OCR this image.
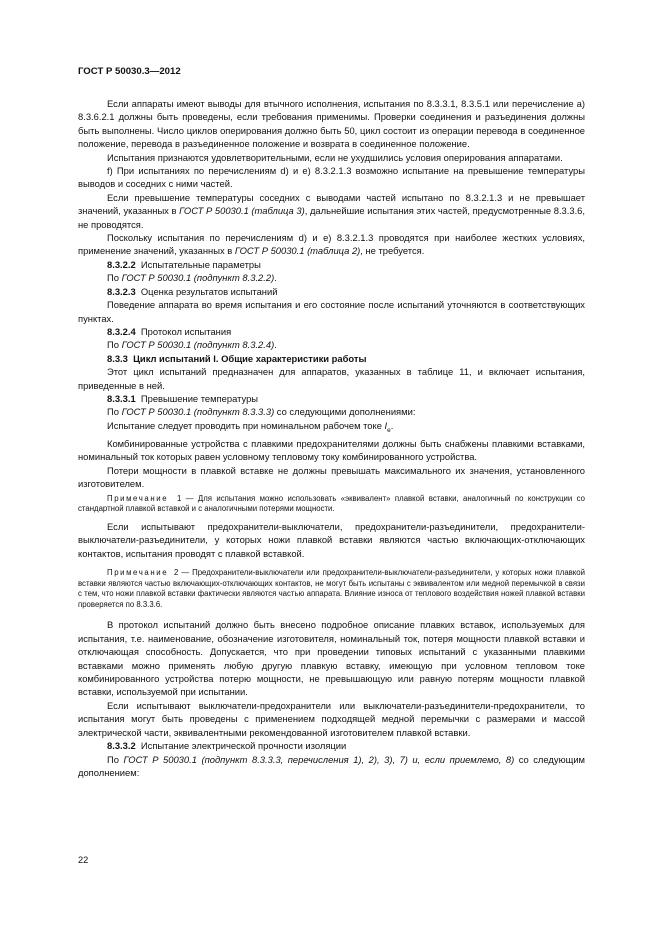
ГОСТ Р 50030.3—2012

Если аппараты имеют выводы для втычного исполнения, испытания по 8.3.3.1, 8.3.5.1 или перечисление а) 8.3.6.2.1 должны быть проведены, если требования применимы. Проверки соединения и разъединения должны быть выполнены. Число циклов оперирования должно быть 50, цикл состоит из операции перевода в соединенное положение, перевода в разъединенное положение и возврата в соединенное положение.

Испытания признаются удовлетворительными, если не ухудшились условия оперирования аппаратами.

f) При испытаниях по перечислениям d) и e) 8.3.2.1.3 возможно испытание на превышение температуры выводов и соседних с ними частей.

Если превышение температуры соседних с выводами частей испытано по 8.3.2.1.3 и не превышает значений, указанных в ГОСТ Р 50030.1 (таблица 3), дальнейшие испытания этих частей, предусмотренные 8.3.3.6, не проводятся.

Поскольку испытания по перечислениям d) и e) 8.3.2.1.3 проводятся при наиболее жестких условиях, применение значений, указанных в ГОСТ Р 50030.1 (таблица 2), не требуется.

8.3.2.2 Испытательные параметры

По ГОСТ Р 50030.1 (подпункт 8.3.2.2).

8.3.2.3 Оценка результатов испытаний

Поведение аппарата во время испытания и его состояние после испытаний уточняются в соответствующих пунктах.

8.3.2.4 Протокол испытания

По ГОСТ Р 50030.1 (подпункт 8.3.2.4).

8.3.3 Цикл испытаний I. Общие характеристики работы

Этот цикл испытаний предназначен для аппаратов, указанных в таблице 11, и включает испытания, приведенные в ней.

8.3.3.1 Превышение температуры

По ГОСТ Р 50030.1 (подпункт 8.3.3.3) со следующими дополнениями:

Испытание следует проводить при номинальном рабочем токе $I_e$.

Комбинированные устройства с плавкими предохранителями должны быть снабжены плавкими вставками, номинальный ток которых равен условному тепловому току комбинированного устройства.

Потери мощности в плавкой вставке не должны превышать максимального их значения, установленного изготовителем.

Примечание 1 — Для испытания можно использовать «эквивалент» плавкой вставки, аналогичный по конструкции со стандартной плавкой вставкой и с аналогичными потерями мощности.

Если испытывают предохранители-выключатели, предохранители-разъединители, предохранители-выключатели-разъединители, у которых ножи плавкой вставки являются частью включающих-отключающих контактов, испытания проводят с плавкой вставкой.

Примечание 2 — Предохранители-выключатели или предохранители-выключатели-разъединители, у которых ножи плавкой вставки являются частью включающих-отключающих контактов, не могут быть испытаны с эквивалентом или медной перемычкой в связи с тем, что ножи плавкой вставки фактически являются частью аппарата. Влияние износа от теплового воздействия ножей плавкой вставки проверяется по 8.3.3.6.

В протокол испытаний должно быть внесено подробное описание плавких вставок, используемых для испытания, т.е. наименование, обозначение изготовителя, номинальный ток, потеря мощности плавкой вставки и отключающая способность. Допускается, что при проведении типовых испытаний с указанными плавкими вставками можно применять любую другую плавкую вставку, имеющую при условном тепловом токе комбинированного устройства потерю мощности, не превышающую или равную потерям мощности плавкой вставки, используемой при испытании.

Если испытывают выключатели-предохранители или выключатели-разъединители-предохранители, то испытания могут быть проведены с применением подходящей медной перемычки с размерами и массой электрической части, эквивалентными рекомендованной изготовителем плавкой вставки.

8.3.3.2 Испытание электрической прочности изоляции

По ГОСТ Р 50030.1 (подпункт 8.3.3.3, перечисления 1), 2), 3), 7) и, если приемлемо, 8) со следующим дополнением:

22
